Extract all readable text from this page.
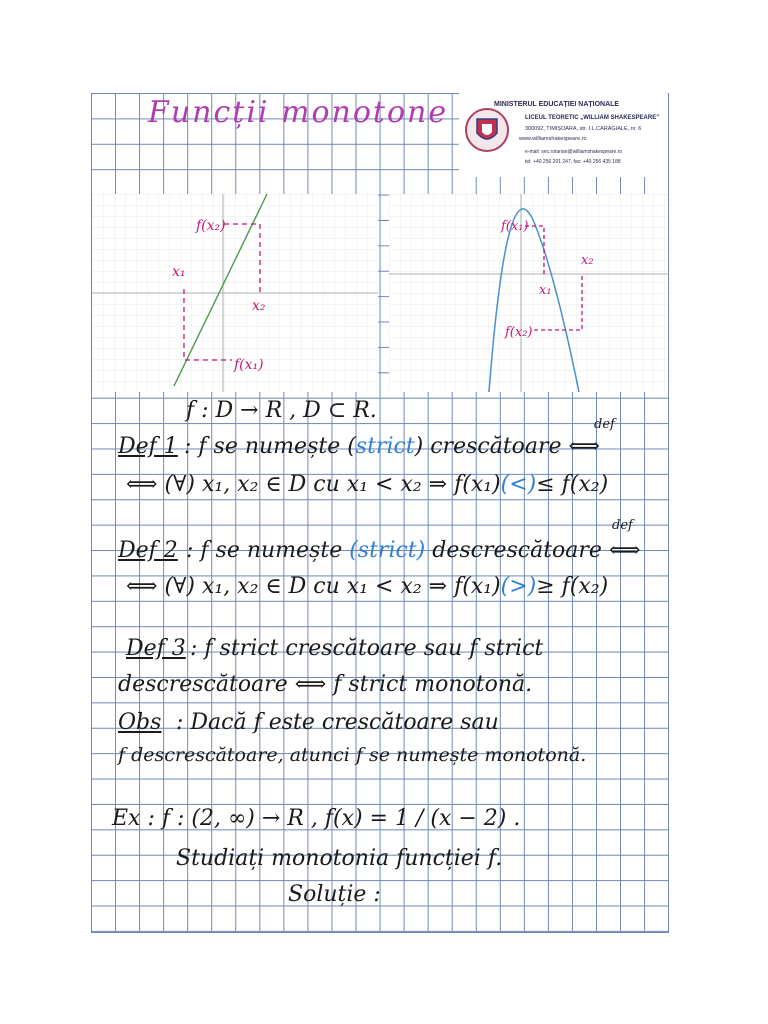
Funcții monotone	MINISTERUL EDUCAȚIEI NAȚIONALE
LICEUL TEORETIC „WILLIAM SHAKESPEARE”
300092, TIMIȘOARA, str. I.L.CARAGIALE, nr. 6
www.williamshakespeare.ro
e-mail: sec.rotarian@williamshakespeare.ro
tel: +40 256 201 247, fax: +40 256 435 188
f(x₂)
x₁
x₂
f(x₁)
f(x₁)
x₁
x₂
f(x₂)
f : D → R , D ⊂ R.
Def 1 : f se numește (strict) crescătoare ⟺
def
⟺ (∀) x₁, x₂ ∈ D cu x₁ < x₂ ⇒ f(x₁)(<)≤ f(x₂)
Def 2 : f se numește (strict) descrescătoare ⟺
def
⟺ (∀) x₁, x₂ ∈ D cu x₁ < x₂ ⇒ f(x₁)(>)≥ f(x₂)
Def 3 : f strict crescătoare sau f strict
descrescătoare ⟺ f strict monotonă.
Obs : Dacă f este crescătoare sau
f descrescătoare, atunci f se numește monotonă.
Ex : f : (2, ∞) → R , f(x) = 1 / (x − 2) .
Studiați monotonia funcției f.
Soluție :
